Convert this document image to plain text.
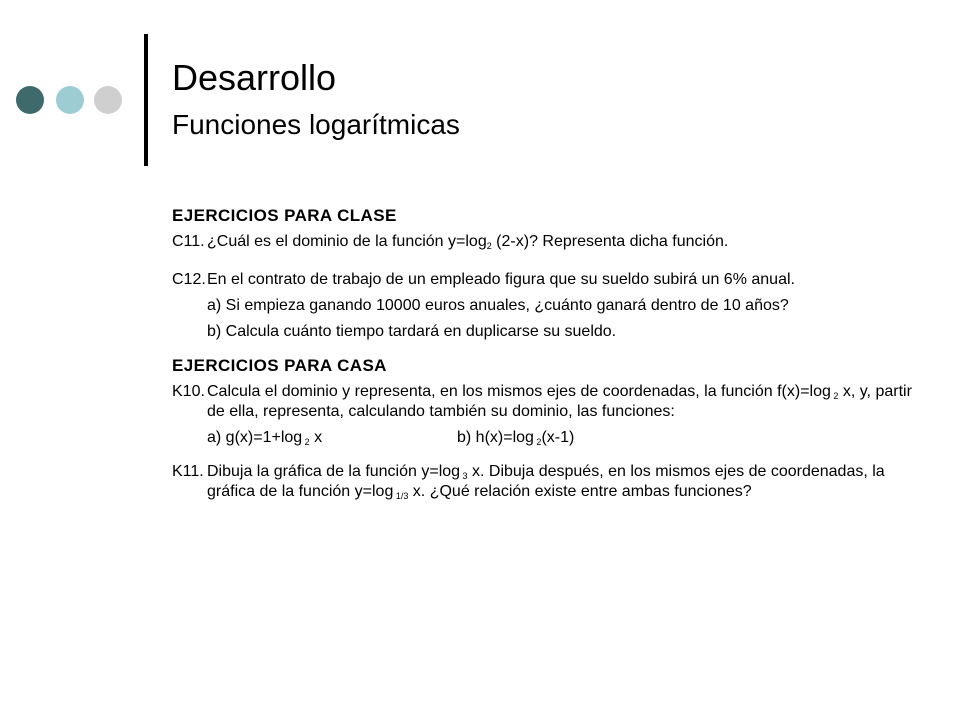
Desarrollo
Funciones logarítmicas
EJERCICIOS PARA CLASE
C11. ¿Cuál es el dominio de la función $y=\log_2$ (2-x)? Representa dicha función.
C12. En el contrato de trabajo de un empleado figura que su sueldo subirá un 6% anual.
a) Si empieza ganando 10000 euros anuales, ¿cuánto ganará dentro de 10 años?
b) Calcula cuánto tiempo tardará en duplicarse su sueldo.
EJERCICIOS PARA CASA
K10. Calcula el dominio y representa, en los mismos ejes de coordenadas, la función f(x)=log $_2$ x, y, partir de ella, representa, calculando también su dominio, las funciones:
a) g(x)=1+log $_2$ x	b) h(x)=log $_2$(x-1)
K11. Dibuja la gráfica de la función y=log $_3$ x. Dibuja después, en los mismos ejes de coordenadas, la gráfica de la función y=log $_{1/3}$ x. ¿Qué relación existe entre ambas funciones?
